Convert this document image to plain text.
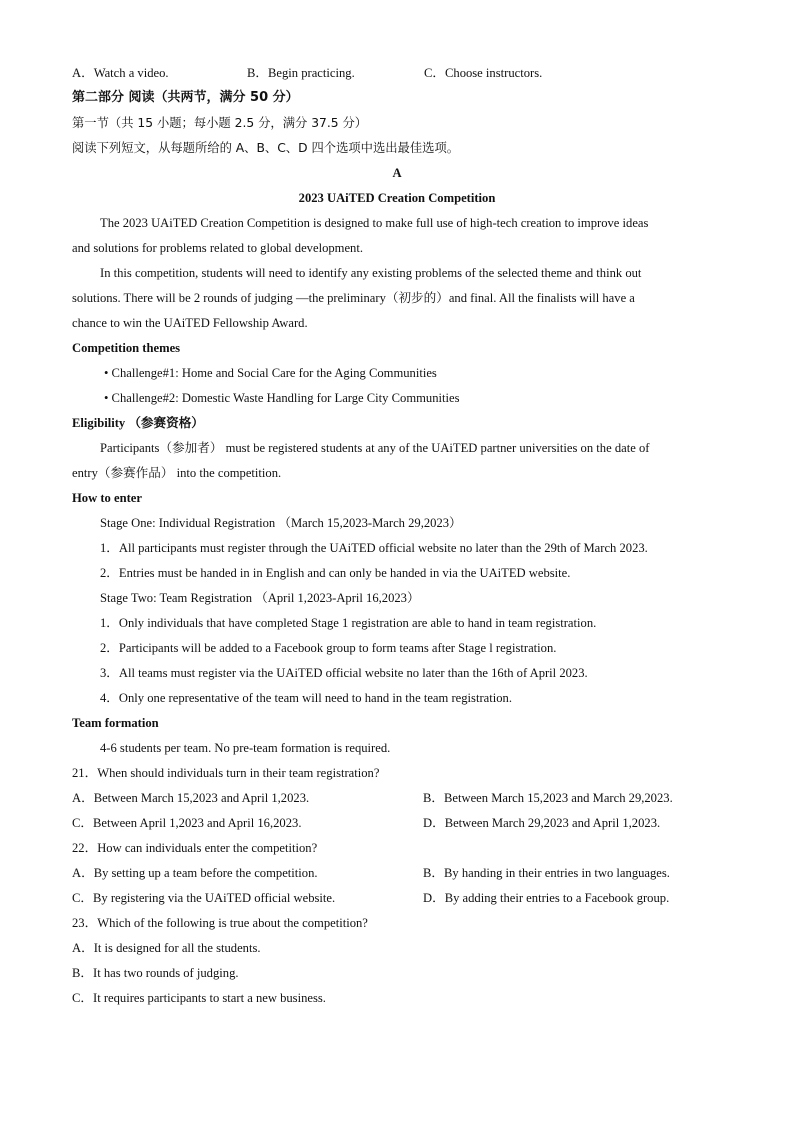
A．Watch a video.	B．Begin practicing.	C．Choose instructors.
第二部分 阅读（共两节，满分 50 分）
第一节（共 15 小题；每小题 2.5 分，满分 37.5 分）
阅读下列短文，从每题所给的 A、B、C、D 四个选项中选出最佳选项。
A
2023 UAiTED Creation Competition
The 2023 UAiTED Creation Competition is designed to make full use of high-tech creation to improve ideas
and solutions for problems related to global development.
In this competition, students will need to identify any existing problems of the selected theme and think out
solutions. There will be 2 rounds of judging —the preliminary（初步的）and final. All the finalists will have a
chance to win the UAiTED Fellowship Award.
Competition themes
• Challenge#1: Home and Social Care for the Aging Communities
• Challenge#2: Domestic Waste Handling for Large City Communities
Eligibility （参赛资格）
Participants（参加者） must be registered students at any of the UAiTED partner universities on the date of
entry（参赛作品） into the competition.
How to enter
Stage One: Individual Registration （March 15,2023-March 29,2023）
1．All participants must register through the UAiTED official website no later than the 29th of March 2023.
2．Entries must be handed in in English and can only be handed in via the UAiTED website.
Stage Two: Team Registration （April 1,2023-April 16,2023）
1．Only individuals that have completed Stage 1 registration are able to hand in team registration.
2．Participants will be added to a Facebook group to form teams after Stage l registration.
3．All teams must register via the UAiTED official website no later than the 16th of April 2023.
4．Only one representative of the team will need to hand in the team registration.
Team formation
4-6 students per team. No pre-team formation is required.
21．When should individuals turn in their team registration?
A．Between March 15,2023 and April 1,2023.	B．Between March 15,2023 and March 29,2023.
C．Between April 1,2023 and April 16,2023.	D．Between March 29,2023 and April 1,2023.
22．How can individuals enter the competition?
A．By setting up a team before the competition.	B．By handing in their entries in two languages.
C．By registering via the UAiTED official website.	D．By adding their entries to a Facebook group.
23．Which of the following is true about the competition?
A．It is designed for all the students.
B．It has two rounds of judging.
C．It requires participants to start a new business.
